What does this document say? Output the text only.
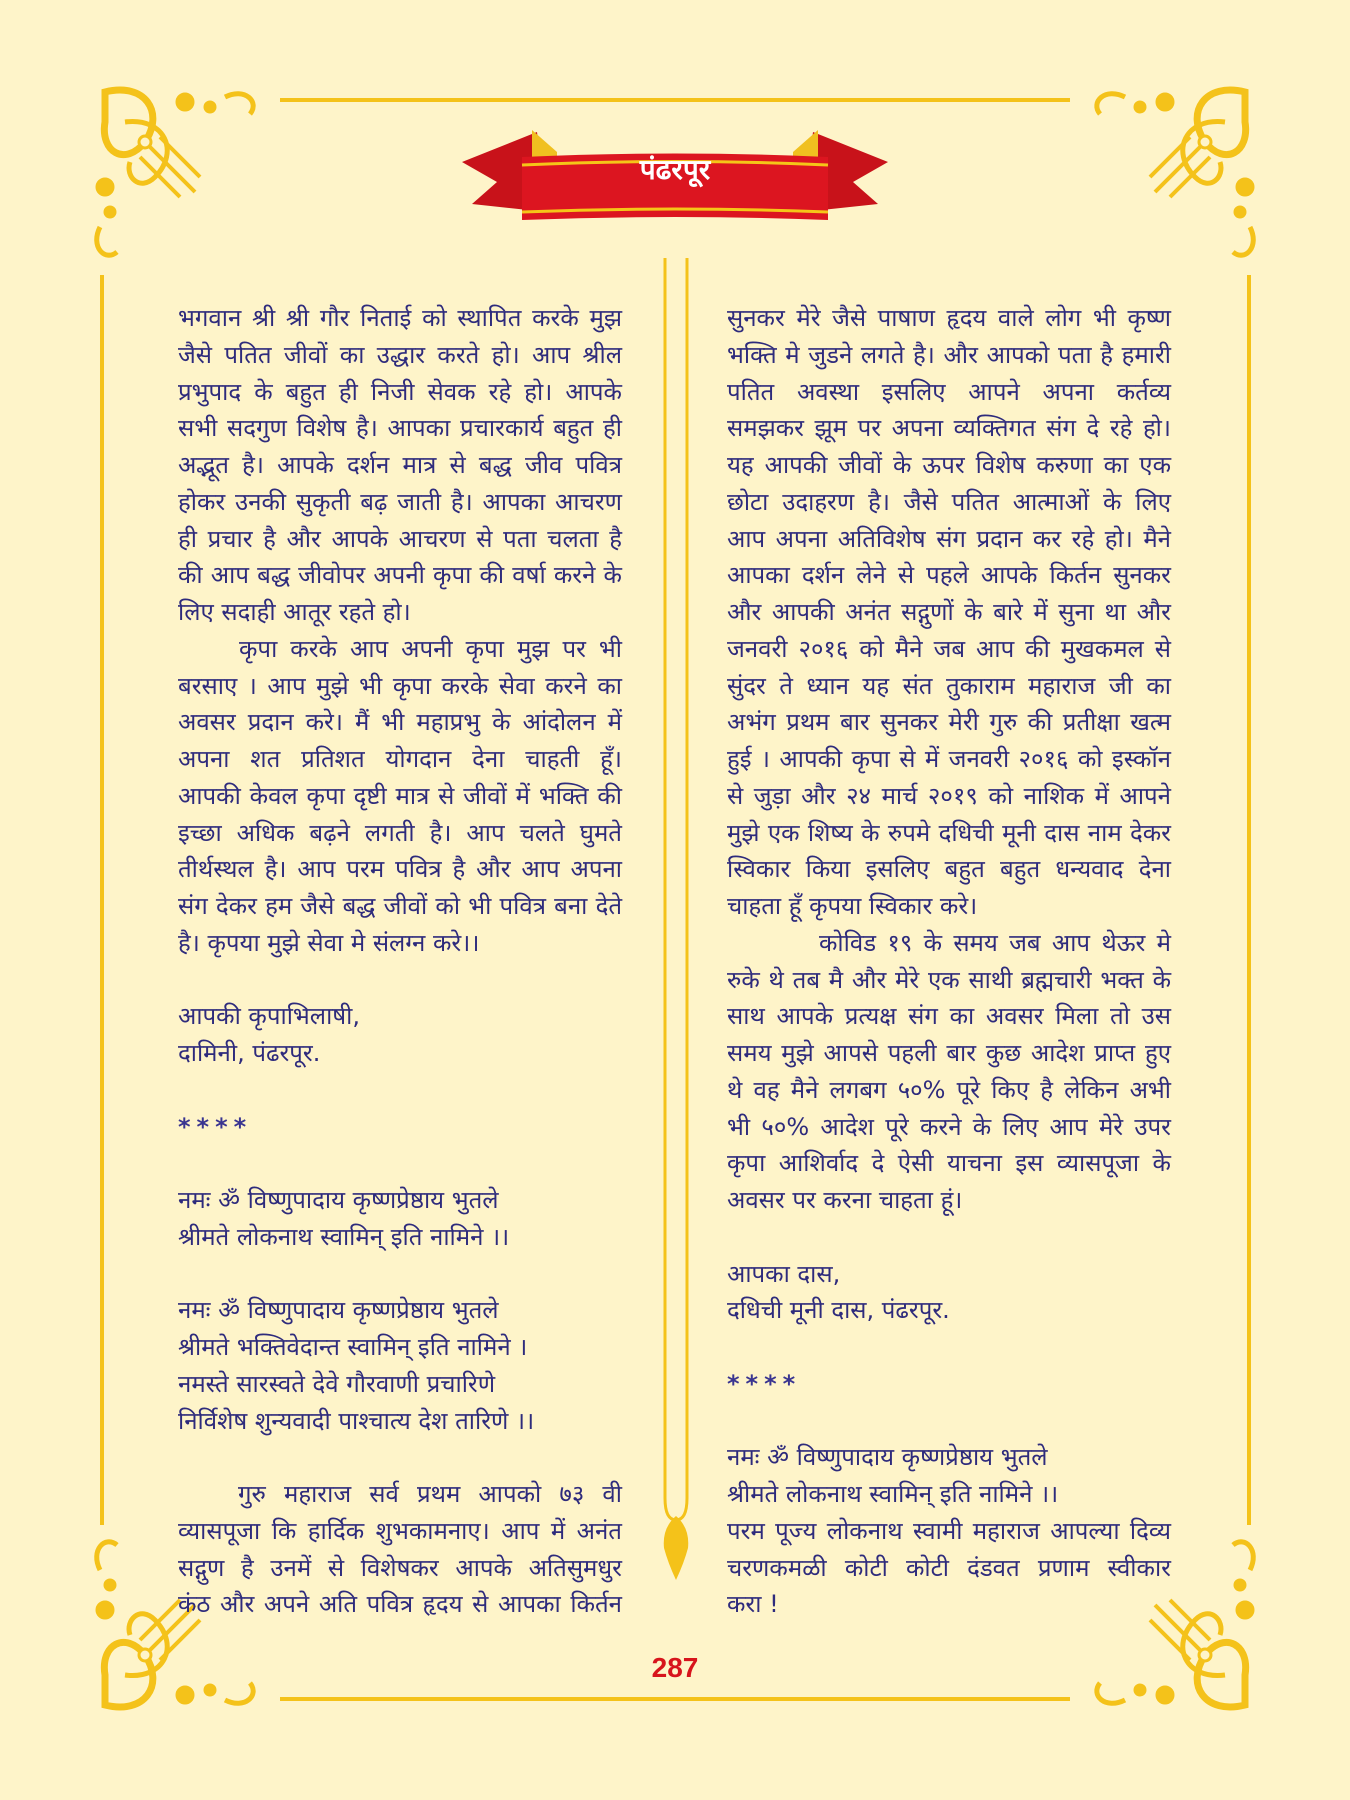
पंढरपूर
भगवान श्री श्री गौर निताई को स्थापित करके मुझ
जैसे पतित जीवों का उद्धार करते हो। आप श्रील
प्रभुपाद के बहुत ही निजी सेवक रहे हो। आपके
सभी सदगुण विशेष है। आपका प्रचारकार्य बहुत ही
अद्भूत है। आपके दर्शन मात्र से बद्ध जीव पवित्र
होकर उनकी सुकृती बढ़ जाती है। आपका आचरण
ही प्रचार है और आपके आचरण से पता चलता है
की आप बद्ध जीवोपर अपनी कृपा की वर्षा करने के
लिए सदाही आतूर रहते हो।
कृपा करके आप अपनी कृपा मुझ पर भी
बरसाए । आप मुझे भी कृपा करके सेवा करने का
अवसर प्रदान करे। मैं भी महाप्रभु के आंदोलन में
अपना शत प्रतिशत योगदान देना चाहती हूँ।
आपकी केवल कृपा दृष्टी मात्र से जीवों में भक्ति की
इच्छा अधिक बढ़ने लगती है। आप चलते घुमते
तीर्थस्थल है। आप परम पवित्र है और आप अपना
संग देकर हम जैसे बद्ध जीवों को भी पवित्र बना देते
है। कृपया मुझे सेवा मे संलग्न करे।।
आपकी कृपाभिलाषी,
दामिनी, पंढरपूर.
****
नमः ॐ विष्णुपादाय कृष्णप्रेष्ठाय भुतले
श्रीमते लोकनाथ स्वामिन् इति नामिने ।।
नमः ॐ विष्णुपादाय कृष्णप्रेष्ठाय भुतले
श्रीमते भक्तिवेदान्त स्वामिन् इति नामिने ।
नमस्ते सारस्वते देवे गौरवाणी प्रचारिणे
निर्विशेष शुन्यवादी पाश्चात्य देश तारिणे ।।
गुरु महाराज सर्व प्रथम आपको ७३ वी
व्यासपूजा कि हार्दिक शुभकामनाए। आप में अनंत
सद्गुण है उनमें से विशेषकर आपके अतिसुमधुर
कंठ और अपने अति पवित्र हृदय से आपका किर्तन
सुनकर मेरे जैसे पाषाण हृदय वाले लोग भी कृष्ण
भक्ति मे जुडने लगते है। और आपको पता है हमारी
पतित अवस्था इसलिए आपने अपना कर्तव्य
समझकर झूम पर अपना व्यक्तिगत संग दे रहे हो।
यह आपकी जीवों के ऊपर विशेष करुणा का एक
छोटा उदाहरण है। जैसे पतित आत्माओं के लिए
आप अपना अतिविशेष संग प्रदान कर रहे हो। मैने
आपका दर्शन लेने से पहले आपके किर्तन सुनकर
और आपकी अनंत सद्गुणों के बारे में सुना था और
जनवरी २०१६ को मैने जब आप की मुखकमल से
सुंदर ते ध्यान यह संत तुकाराम महाराज जी का
अभंग प्रथम बार सुनकर मेरी गुरु की प्रतीक्षा खत्म
हुई । आपकी कृपा से में जनवरी २०१६ को इस्कॉन
से जुड़ा और २४ मार्च २०१९ को नाशिक में आपने
मुझे एक शिष्य के रुपमे दधिची मूनी दास नाम देकर
स्विकार किया इसलिए बहुत बहुत धन्यवाद देना
चाहता हूँ कृपया स्विकार करे।
कोविड १९ के समय जब आप थेऊर मे
रुके थे तब मै और मेरे एक साथी ब्रह्मचारी भक्त के
साथ आपके प्रत्यक्ष संग का अवसर मिला तो उस
समय मुझे आपसे पहली बार कुछ आदेश प्राप्त हुए
थे वह मैने लगबग ५०% पूरे किए है लेकिन अभी
भी ५०% आदेश पूरे करने के लिए आप मेरे उपर
कृपा आशिर्वाद दे ऐसी याचना इस व्यासपूजा के
अवसर पर करना चाहता हूं।
आपका दास,
दधिची मूनी दास, पंढरपूर.
****
नमः ॐ विष्णुपादाय कृष्णप्रेष्ठाय भुतले
श्रीमते लोकनाथ स्वामिन् इति नामिने ।।
परम पूज्य लोकनाथ स्वामी महाराज आपल्या दिव्य
चरणकमळी कोटी कोटी दंडवत प्रणाम स्वीकार
करा !
287
